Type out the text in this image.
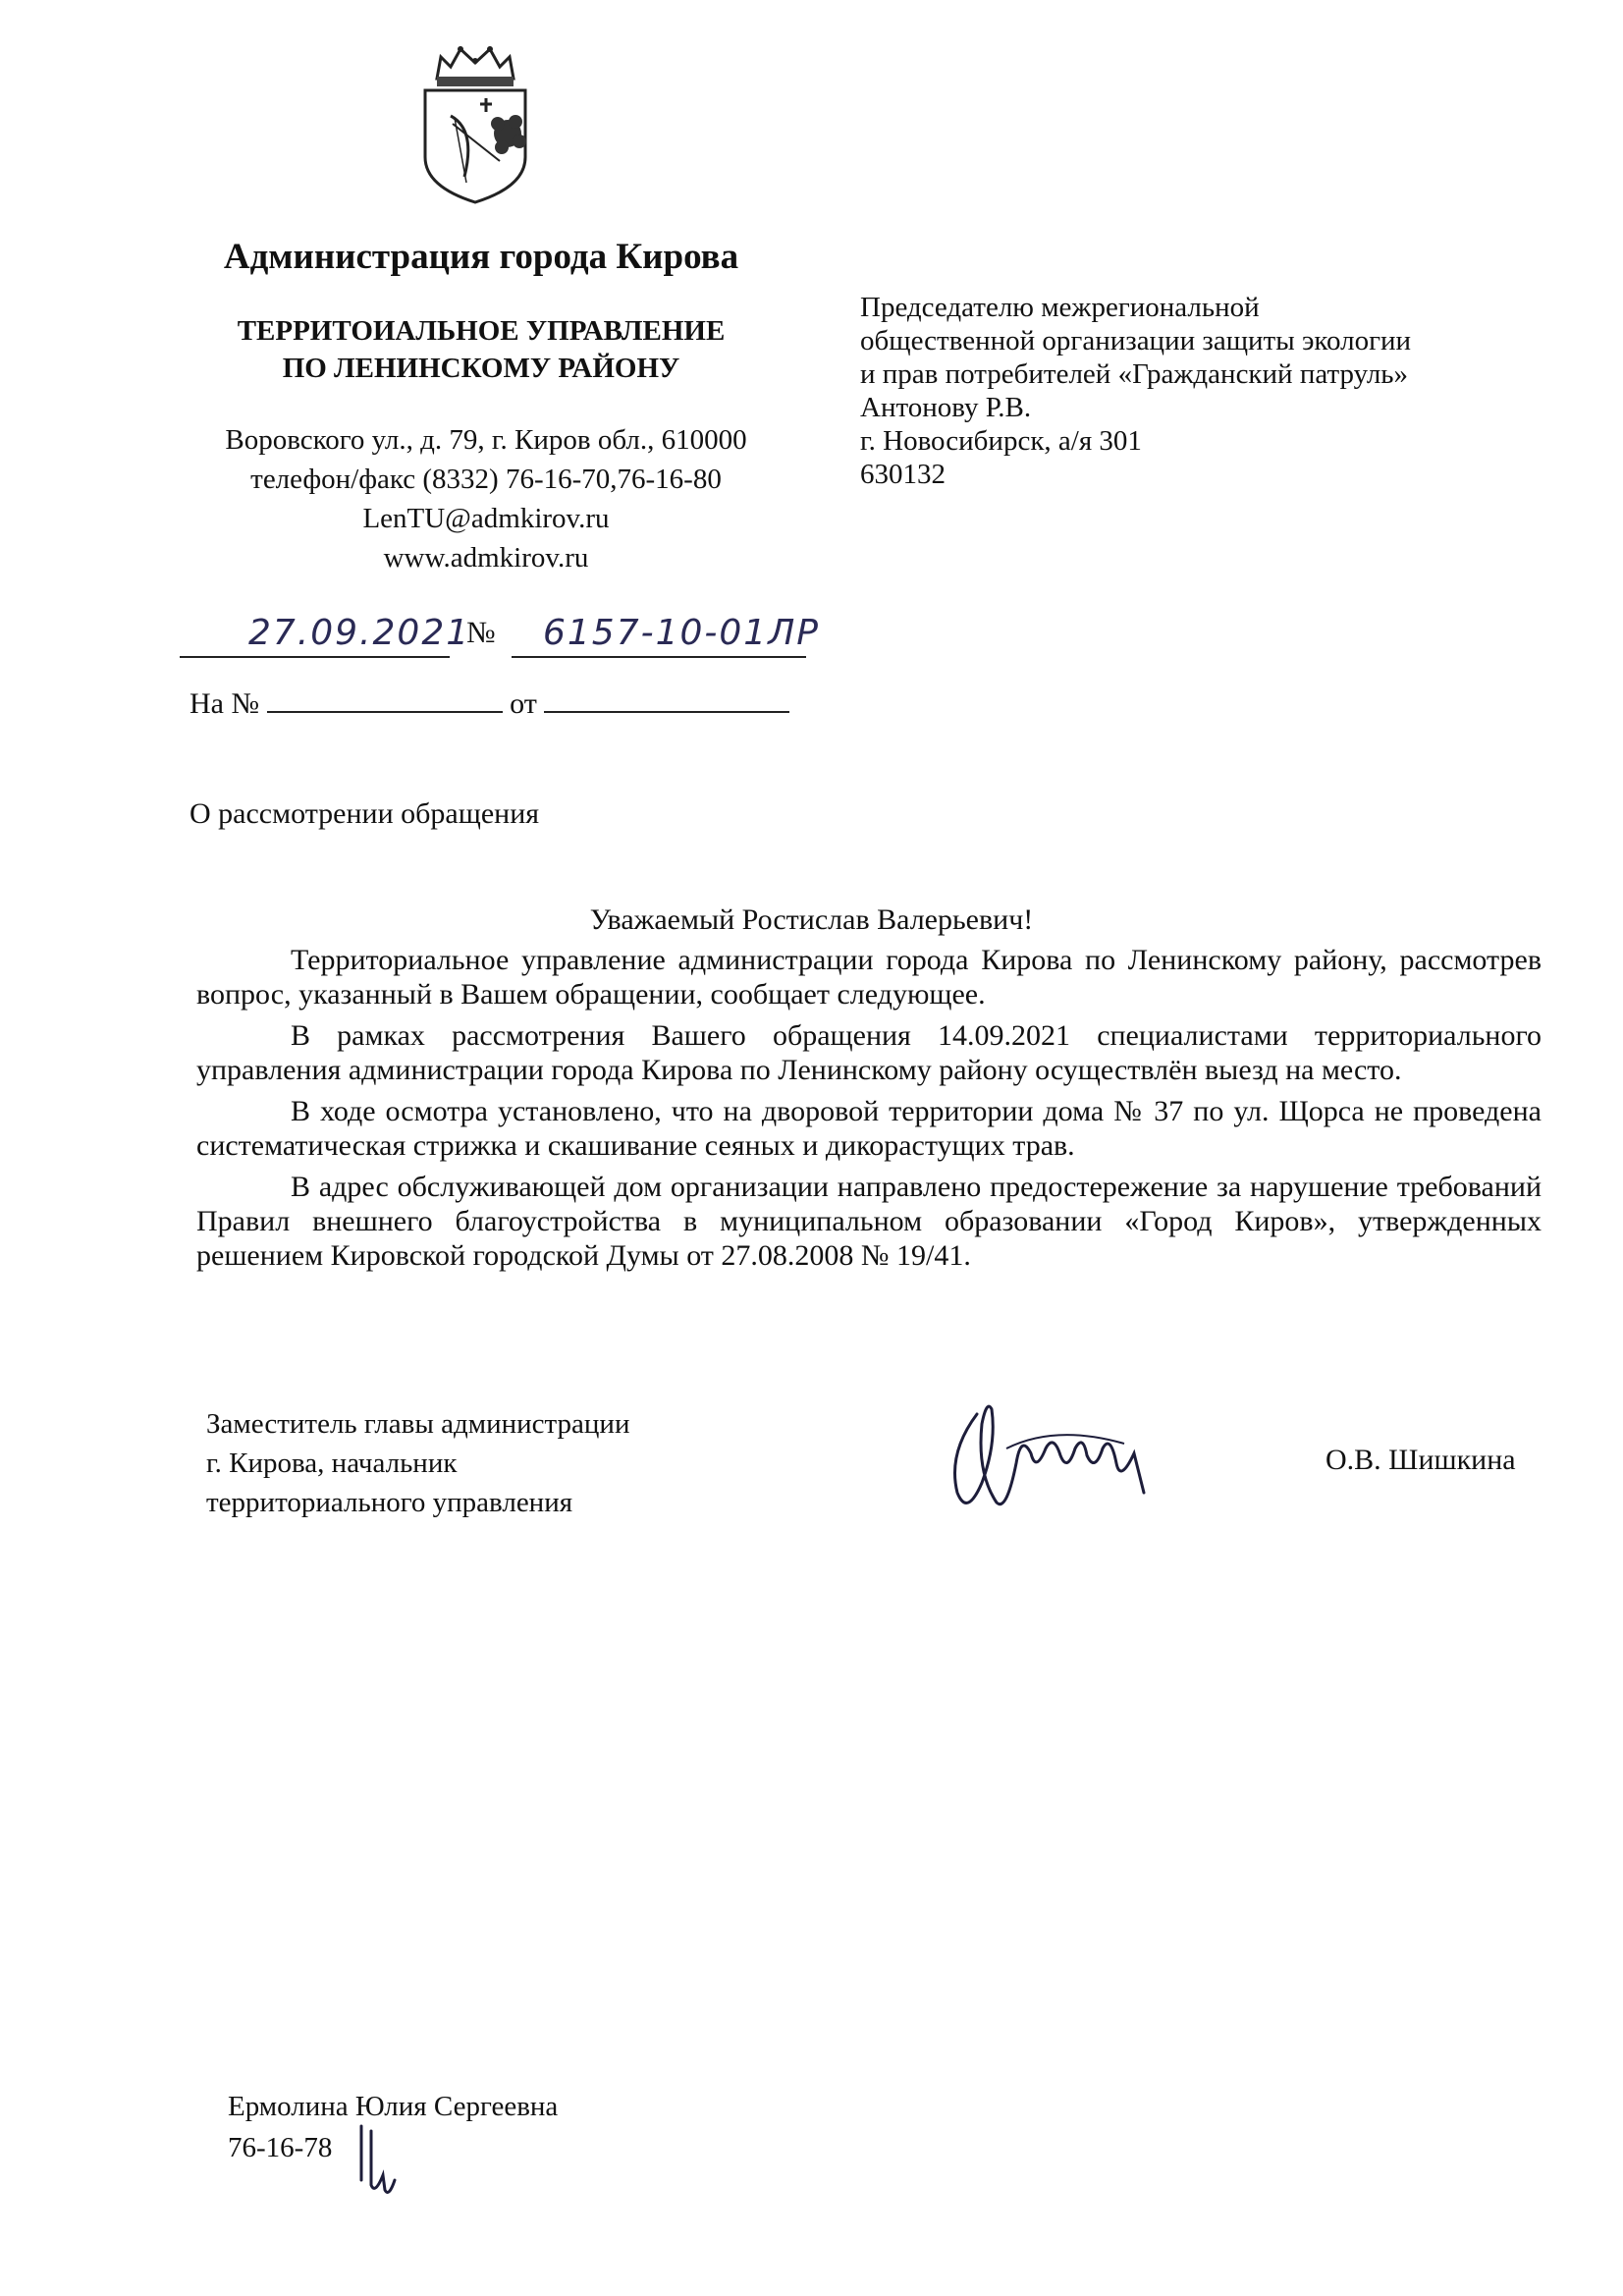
Администрация города Кирова
ТЕРРИТОИАЛЬНОЕ УПРАВЛЕНИЕ
ПО ЛЕНИНСКОМУ РАЙОНУ
Воровского ул., д. 79, г. Киров обл., 610000
телефон/факс (8332) 76-16-70,76-16-80
LenTU@admkirov.ru
www.admkirov.ru
Председателю межрегиональной
общественной организации защиты экологии
и прав потребителей «Гражданский патруль»
Антонову Р.В.
г. Новосибирск, а/я 301
630132
27.09.2021
№ 6157-10-01ЛР
На №	от
О рассмотрении обращения
Уважаемый Ростислав Валерьевич!

Территориальное управление администрации города Кирова по Ленинскому району, рассмотрев вопрос, указанный в Вашем обращении, сообщает следующее.

В рамках рассмотрения Вашего обращения 14.09.2021 специалистами территориального управления администрации города Кирова по Ленинскому району осуществлён выезд на место.

В ходе осмотра установлено, что на дворовой территории дома № 37 по ул. Щорса не проведена систематическая стрижка и скашивание сеяных и дикорастущих трав.

В адрес обслуживающей дом организации направлено предостережение за нарушение требований Правил внешнего благоустройства в муниципальном образовании «Город Киров», утвержденных решением Кировской городской Думы от 27.08.2008 № 19/41.

Заместитель главы администрации
г. Кирова, начальник
территориального управления
О.В. Шишкина
Ермолина Юлия Сергеевна
76-16-78
